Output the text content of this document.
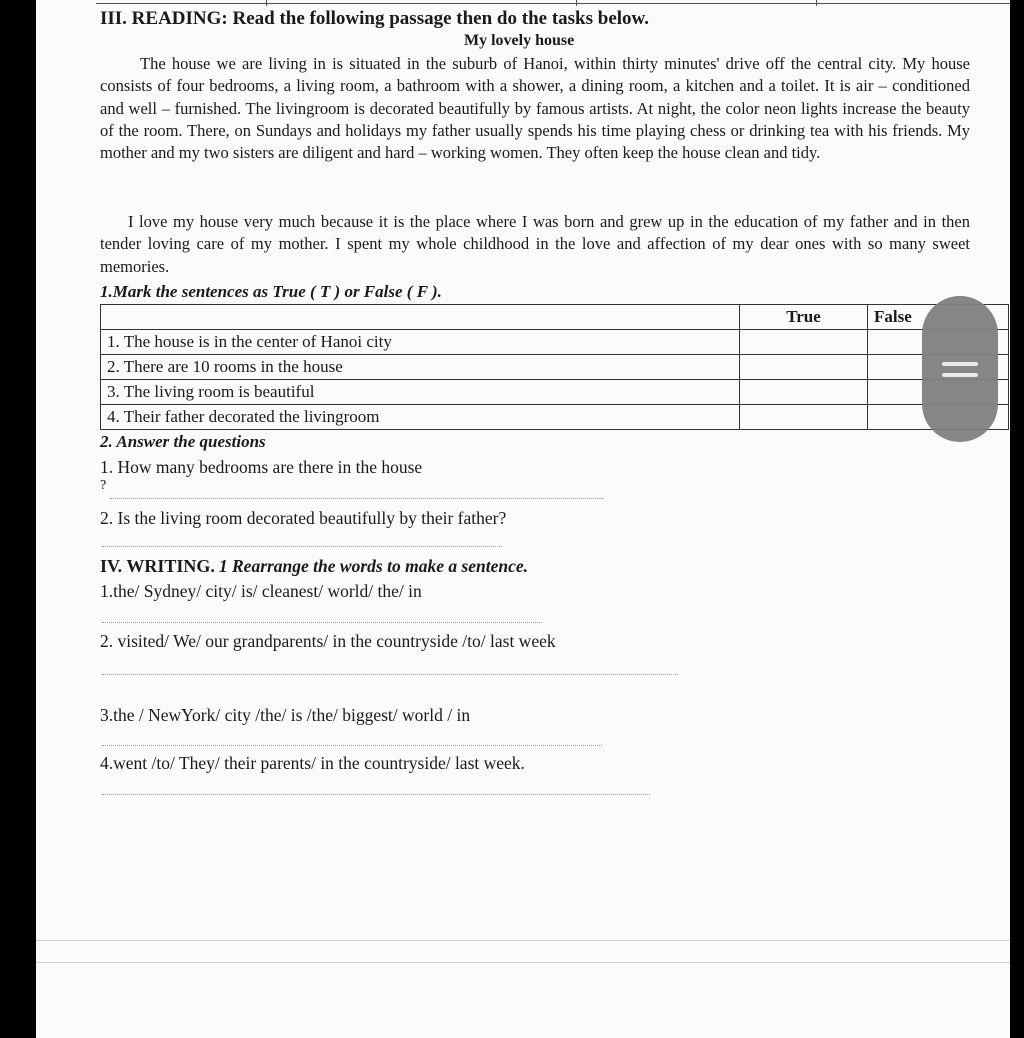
III. READING: Read the following passage then do the tasks below.
My lovely house
The house we are living in is situated in the suburb of Hanoi, within thirty minutes' drive off the central city. My house consists of four bedrooms, a living room, a bathroom with a shower, a dining room, a kitchen and a toilet. It is air – conditioned and well – furnished. The livingroom is decorated beautifully by famous artists. At night, the color neon lights increase the beauty of the room. There, on Sundays and holidays my father usually spends his time playing chess or drinking tea with his friends. My mother and my two sisters are diligent and hard – working women. They often keep the house clean and tidy.
I love my house very much because it is the place where I was born and grew up in the education of my father and in then tender loving care of my mother. I spent my whole childhood in the love and affection of my dear ones with so many sweet memories.
1.Mark the sentences as True ( T ) or False ( F ).
	True	False
1. The house is in the center of Hanoi city		
2. There are 10 rooms in the house		
3. The living room is beautiful		
4. Their father decorated the livingroom		
2. Answer the questions
1. How many bedrooms are there in the house
?
2. Is the living room decorated beautifully by their father?
IV. WRITING. 1 Rearrange the words to make a sentence.
1.the/ Sydney/ city/ is/ cleanest/ world/ the/ in
2. visited/ We/ our grandparents/ in the countryside /to/ last week
3.the / NewYork/ city /the/ is /the/ biggest/ world / in
4.went /to/ They/ their parents/ in the countryside/ last week.
